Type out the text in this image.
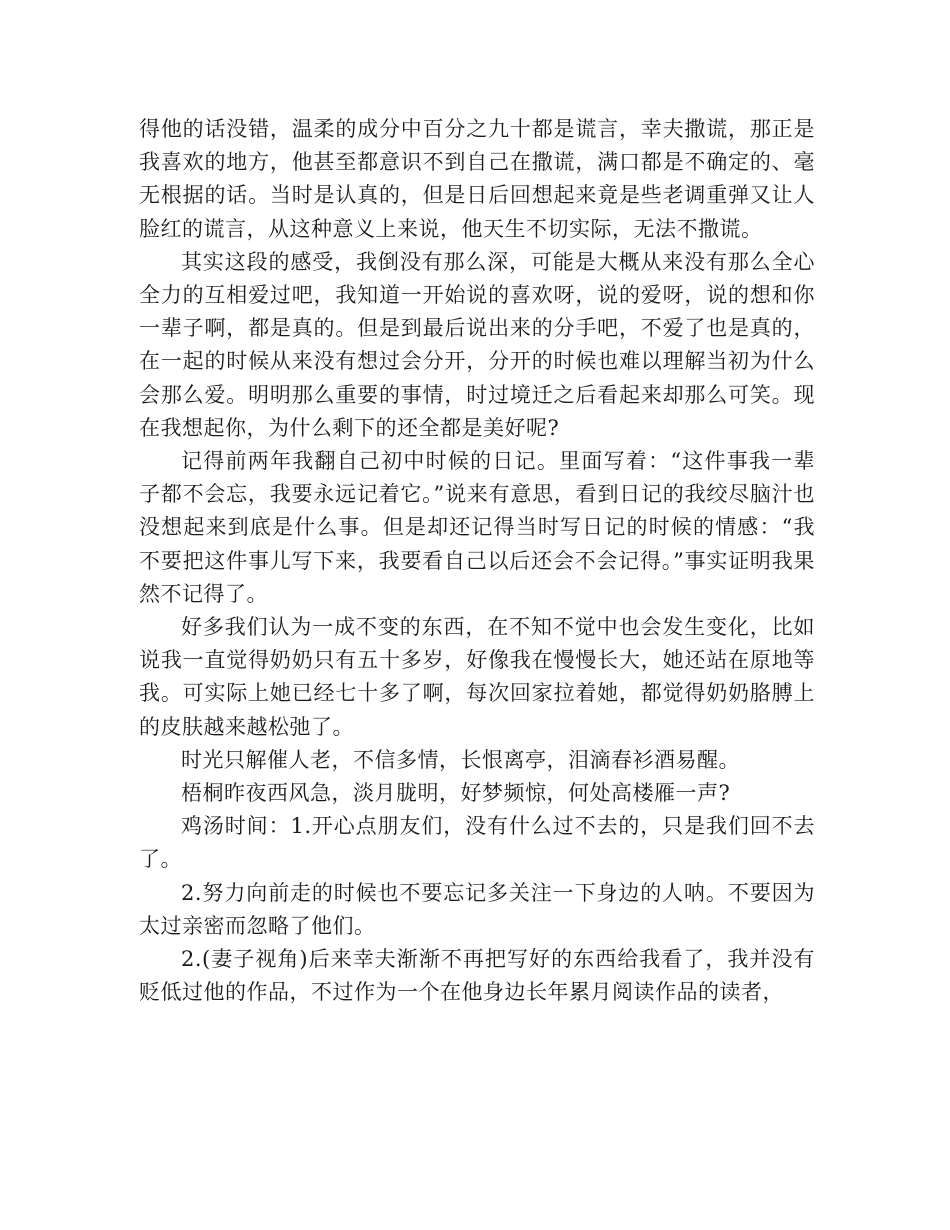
得他的话没错，温柔的成分中百分之九十都是谎言，幸夫撒谎，那正是我喜欢的地方，他甚至都意识不到自己在撒谎，满口都是不确定的、毫无根据的话。当时是认真的，但是日后回想起来竟是些老调重弹又让人脸红的谎言，从这种意义上来说，他天生不切实际，无法不撒谎。

其实这段的感受，我倒没有那么深，可能是大概从来没有那么全心全力的互相爱过吧，我知道一开始说的喜欢呀，说的爱呀，说的想和你一辈子啊，都是真的。但是到最后说出来的分手吧，不爱了也是真的，在一起的时候从来没有想过会分开，分开的时候也难以理解当初为什么会那么爱。明明那么重要的事情，时过境迁之后看起来却那么可笑。现在我想起你，为什么剩下的还全都是美好呢?

记得前两年我翻自己初中时候的日记。里面写着：“这件事我一辈子都不会忘，我要永远记着它。”说来有意思，看到日记的我绞尽脑汁也没想起来到底是什么事。但是却还记得当时写日记的时候的情感：“我不要把这件事儿写下来，我要看自己以后还会不会记得。”事实证明我果然不记得了。

好多我们认为一成不变的东西，在不知不觉中也会发生变化，比如说我一直觉得奶奶只有五十多岁，好像我在慢慢长大，她还站在原地等我。可实际上她已经七十多了啊，每次回家拉着她，都觉得奶奶胳膊上的皮肤越来越松弛了。

时光只解催人老，不信多情，长恨离亭，泪滴春衫酒易醒。

梧桐昨夜西风急，淡月胧明，好梦频惊，何处高楼雁一声?

鸡汤时间：1.开心点朋友们，没有什么过不去的，只是我们回不去了。

2.努力向前走的时候也不要忘记多关注一下身边的人呐。不要因为太过亲密而忽略了他们。

2.(妻子视角)后来幸夫渐渐不再把写好的东西给我看了，我并没有贬低过他的作品，不过作为一个在他身边长年累月阅读作品的读者，
